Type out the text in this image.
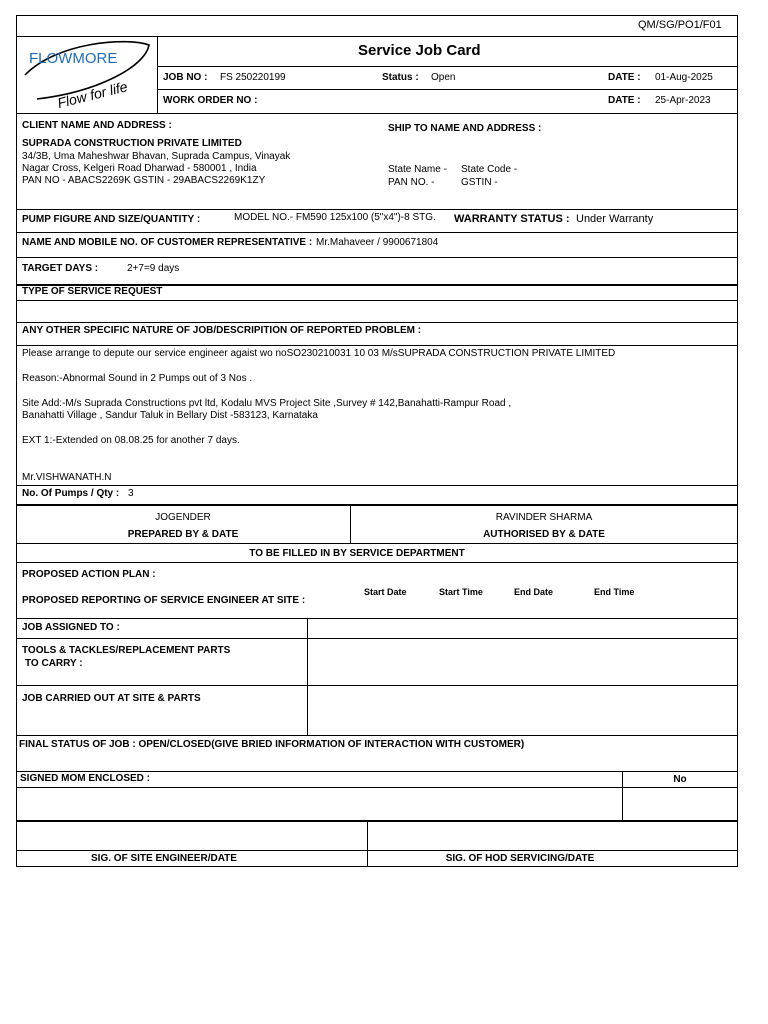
QM/SG/PO1/F01
FLOWMORE
Flow for life
Service Job Card
JOB NO : FS 250220199	Status : Open	DATE : 01-Aug-2025
WORK ORDER NO :	DATE : 25-Apr-2023
CLIENT NAME AND ADDRESS :
SUPRADA CONSTRUCTION PRIVATE LIMITED
34/3B, Uma Maheshwar Bhavan, Suprada Campus, Vinayak
Nagar Cross, Kelgeri Road Dharwad - 580001 , India
PAN NO - ABACS2269K GSTIN - 29ABACS2269K1ZY
SHIP TO NAME AND ADDRESS :
State Name - State Code -
PAN NO. -	GSTIN -
PUMP FIGURE AND SIZE/QUANTITY :	MODEL NO.- FM590 125x100 (5"x4")-8 STG. WARRANTY STATUS : Under Warranty
NAME AND MOBILE NO. OF CUSTOMER REPRESENTATIVE : Mr.Mahaveer / 9900671804
TARGET DAYS :	2+7=9 days
TYPE OF SERVICE REQUEST
ANY OTHER SPECIFIC NATURE OF JOB/DESCRIPITION OF REPORTED PROBLEM :
Please arrange to depute our service engineer agaist wo noSO230210031 10 03 M/sSUPRADA CONSTRUCTION PRIVATE LIMITED
Reason:-Abnormal Sound in 2 Pumps out of 3 Nos .
Site Add:-M/s Suprada Constructions pvt ltd, Kodalu MVS Project Site ,Survey # 142,Banahatti-Rampur Road ,
Banahatti Village , Sandur Taluk in Bellary Dist -583123, Karnataka
EXT 1:-Extended on 08.08.25 for another 7 days.
Mr.VISHWANATH.N
No. Of Pumps / Qty : 3
JOGENDER
PREPARED BY & DATE
RAVINDER SHARMA
AUTHORISED BY & DATE
TO BE FILLED IN BY SERVICE DEPARTMENT
PROPOSED ACTION PLAN :
PROPOSED REPORTING OF SERVICE ENGINEER AT SITE :
Start Date	Start Time	End Date	End Time
JOB ASSIGNED TO :
TOOLS & TACKLES/REPLACEMENT PARTS
TO CARRY :
JOB CARRIED OUT AT SITE & PARTS
FINAL STATUS OF JOB : OPEN/CLOSED(GIVE BRIED INFORMATION OF INTERACTION WITH CUSTOMER)
SIGNED MOM ENCLOSED :	No
SIG. OF SITE ENGINEER/DATE	SIG. OF HOD SERVICING/DATE
